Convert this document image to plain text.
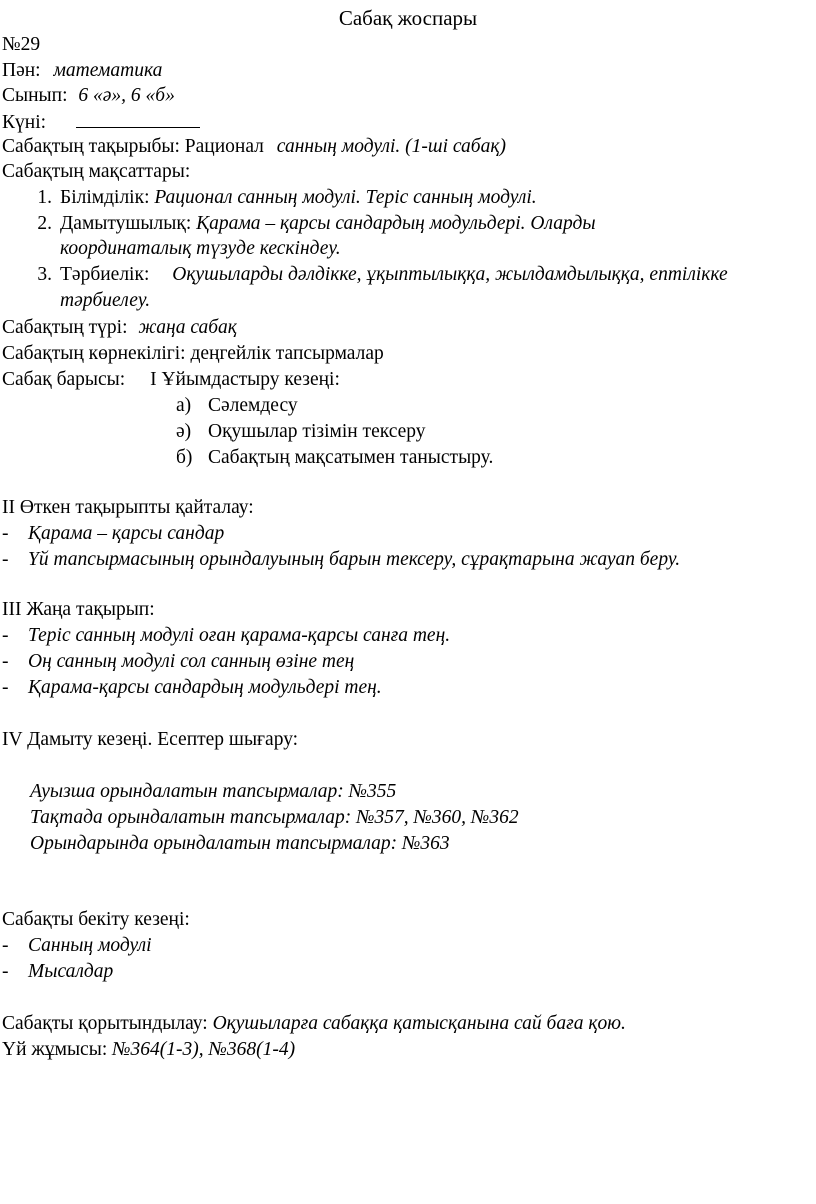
Сабақ жоспары
№29
Пән: математика
Сынып: 6 «ә», 6 «б»
Күні:
Сабақтың тақырыбы: Рационал санның модулі. (1-ші сабақ)
Сабақтың мақсаттары:
1. Білімділік: Рационал санның модулі. Теріс санның модулі.
2. Дамытушылық: Қарама – қарсы сандардың модульдері. Оларды
координаталық түзуде кескіндеу.
3. Тәрбиелік: Оқушыларды дәлдікке, ұқыптылыққа, жылдамдылыққа, ептілікке
тәрбиелеу.
Сабақтың түрі: жаңа сабақ
Сабақтың көрнекілігі: деңгейлік тапсырмалар
Сабақ барысы: І Ұйымдастыру кезеңі:
а) Сәлемдесу
ә) Оқушылар тізімін тексеру
б) Сабақтың мақсатымен таныстыру.
ІІ Өткен тақырыпты қайталау:
- Қарама – қарсы сандар
- Үй тапсырмасының орындалуының барын тексеру, сұрақтарына жауап беру.
ІІІ Жаңа тақырып:
- Теріс санның модулі оған қарама-қарсы санға тең.
- Оң санның модулі сол санның өзіне тең
- Қарама-қарсы сандардың модульдері тең.
IV Дамыту кезеңі. Есептер шығару:
Ауызша орындалатын тапсырмалар: №355
Тақтада орындалатын тапсырмалар: №357, №360, №362
Орындарында орындалатын тапсырмалар: №363
Сабақты бекіту кезеңі:
- Санның модулі
- Мысалдар
Сабақты қорытындылау: Оқушыларға сабаққа қатысқанына сай баға қою.
Үй жұмысы: №364(1-3), №368(1-4)
